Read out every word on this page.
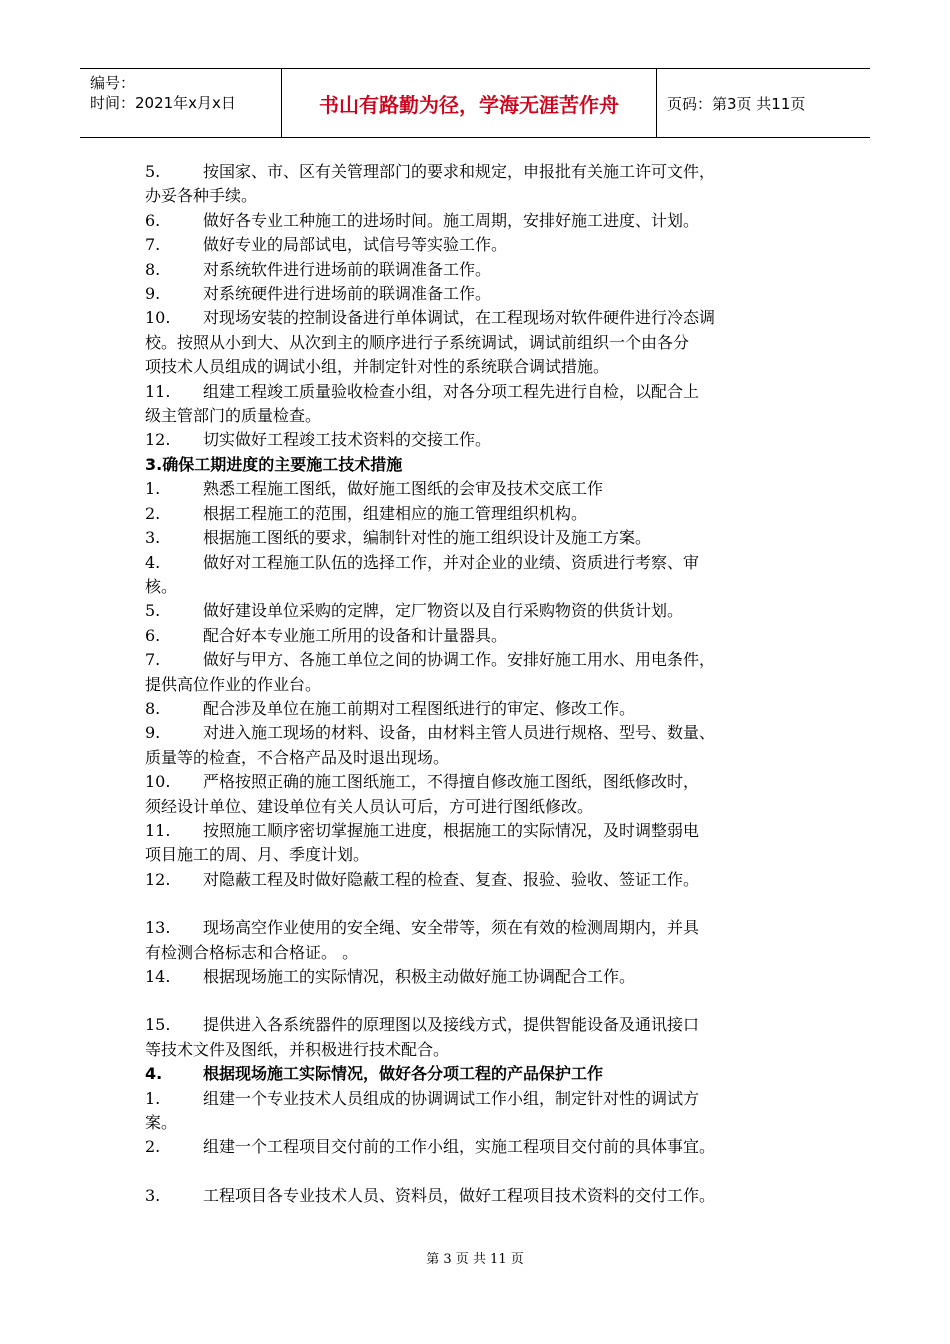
编号：
时间：2021年x月x日	书山有路勤为径，学海无涯苦作舟	页码：第3页 共11页
5.	按国家、市、区有关管理部门的要求和规定，申报批有关施工许可文件，
办妥各种手续。
6.	做好各专业工种施工的进场时间。施工周期，安排好施工进度、计划。
7.	做好专业的局部试电，试信号等实验工作。
8.	对系统软件进行进场前的联调准备工作。
9.	对系统硬件进行进场前的联调准备工作。
10.	对现场安装的控制设备进行单体调试，在工程现场对软件硬件进行冷态调
校。按照从小到大、从次到主的顺序进行子系统调试，调试前组织一个由各分
项技术人员组成的调试小组，并制定针对性的系统联合调试措施。
11.	组建工程竣工质量验收检查小组，对各分项工程先进行自检，以配合上
级主管部门的质量检查。
12.	切实做好工程竣工技术资料的交接工作。
3.确保工期进度的主要施工技术措施
1.	熟悉工程施工图纸，做好施工图纸的会审及技术交底工作
2.	根据工程施工的范围，组建相应的施工管理组织机构。
3.	根据施工图纸的要求，编制针对性的施工组织设计及施工方案。
4.	做好对工程施工队伍的选择工作，并对企业的业绩、资质进行考察、审
核。
5.	做好建设单位采购的定牌，定厂物资以及自行采购物资的供货计划。
6.	配合好本专业施工所用的设备和计量器具。
7.	做好与甲方、各施工单位之间的协调工作。安排好施工用水、用电条件，
提供高位作业的作业台。
8.	配合涉及单位在施工前期对工程图纸进行的审定、修改工作。
9.	对进入施工现场的材料、设备，由材料主管人员进行规格、型号、数量、
质量等的检查，不合格产品及时退出现场。
10.	严格按照正确的施工图纸施工，不得擅自修改施工图纸，图纸修改时，
须经设计单位、建设单位有关人员认可后，方可进行图纸修改。
11.	按照施工顺序密切掌握施工进度，根据施工的实际情况，及时调整弱电
项目施工的周、月、季度计划。
12.	对隐蔽工程及时做好隐蔽工程的检查、复查、报验、验收、签证工作。
13.	现场高空作业使用的安全绳、安全带等，须在有效的检测周期内，并具
有检测合格标志和合格证。 。
14.	根据现场施工的实际情况，积极主动做好施工协调配合工作。
15.	提供进入各系统器件的原理图以及接线方式，提供智能设备及通讯接口
等技术文件及图纸，并积极进行技术配合。
4.	根据现场施工实际情况，做好各分项工程的产品保护工作
1.	组建一个专业技术人员组成的协调调试工作小组，制定针对性的调试方
案。
2.	组建一个工程项目交付前的工作小组，实施工程项目交付前的具体事宜。
3.	工程项目各专业技术人员、资料员，做好工程项目技术资料的交付工作。
第 3 页 共 11 页
